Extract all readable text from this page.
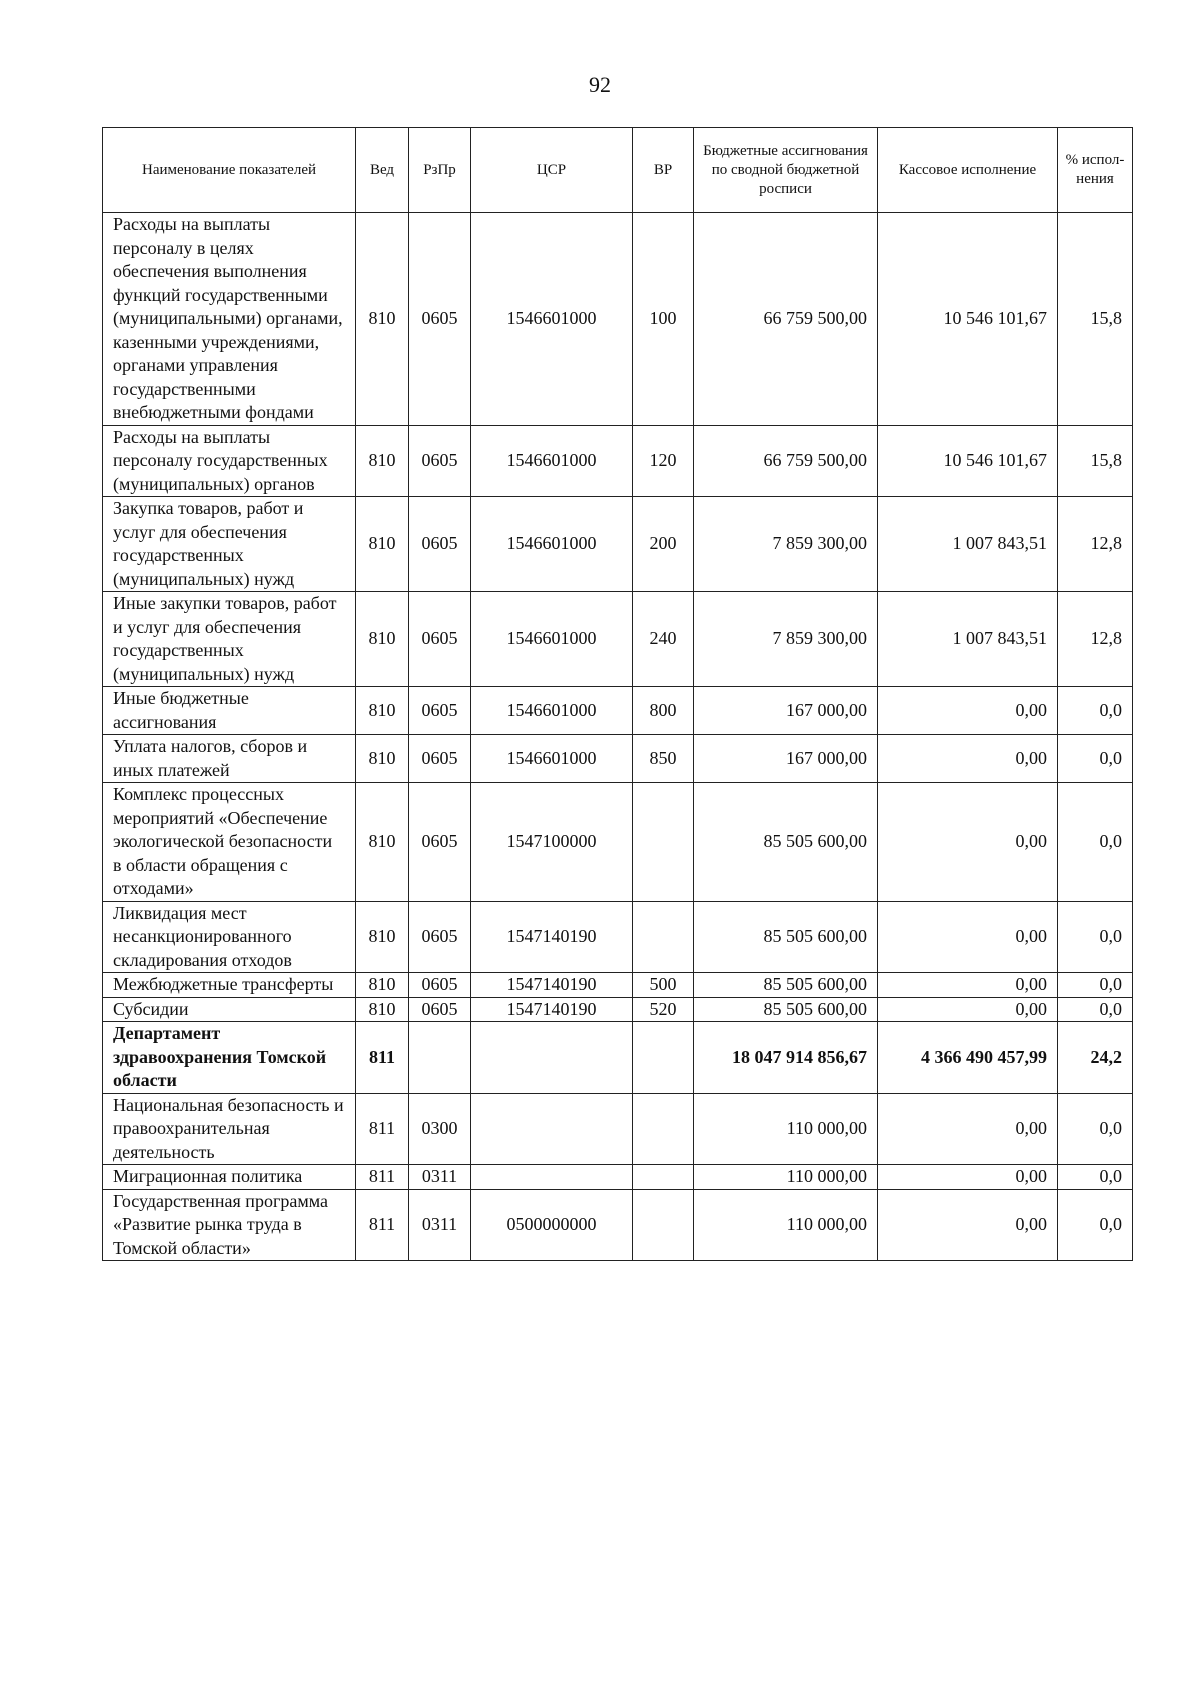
92
Наименование показателей	Вед	РзПр	ЦСР	ВР	Бюджетные ассигнования по сводной бюджетной росписи	Кассовое исполнение	% испол-нения
Расходы на выплаты персоналу в целях обеспечения выполнения функций государственными (муниципальными) органами, казенными учреждениями, органами управления государственными внебюджетными фондами	810	0605	1546601000	100	66 759 500,00	10 546 101,67	15,8
Расходы на выплаты персоналу государственных (муниципальных) органов	810	0605	1546601000	120	66 759 500,00	10 546 101,67	15,8
Закупка товаров, работ и услуг для обеспечения государственных (муниципальных) нужд	810	0605	1546601000	200	7 859 300,00	1 007 843,51	12,8
Иные закупки товаров, работ и услуг для обеспечения государственных (муниципальных) нужд	810	0605	1546601000	240	7 859 300,00	1 007 843,51	12,8
Иные бюджетные ассигнования	810	0605	1546601000	800	167 000,00	0,00	0,0
Уплата налогов, сборов и иных платежей	810	0605	1546601000	850	167 000,00	0,00	0,0
Комплекс процессных мероприятий «Обеспечение экологической безопасности в области обращения с отходами»	810	0605	1547100000		85 505 600,00	0,00	0,0
Ликвидация мест несанкционированного складирования отходов	810	0605	1547140190		85 505 600,00	0,00	0,0
Межбюджетные трансферты	810	0605	1547140190	500	85 505 600,00	0,00	0,0
Субсидии	810	0605	1547140190	520	85 505 600,00	0,00	0,0
Департамент здравоохранения Томской области	811				18 047 914 856,67	4 366 490 457,99	24,2
Национальная безопасность и правоохранительная деятельность	811	0300			110 000,00	0,00	0,0
Миграционная политика	811	0311			110 000,00	0,00	0,0
Государственная программа «Развитие рынка труда в Томской области»	811	0311	0500000000		110 000,00	0,00	0,0
